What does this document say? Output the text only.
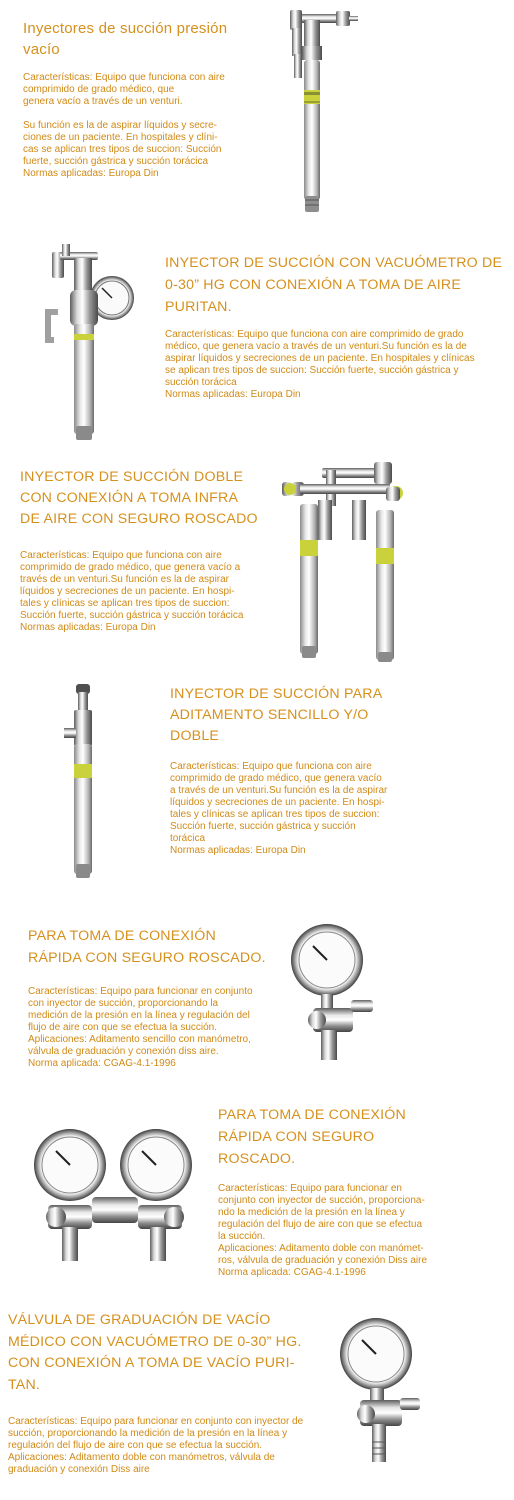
Inyectores de succión presión
vacío

Características: Equipo que funciona con aire
comprimido de grado médico, que
genera vacío a través de un venturi.

Su función es la de aspirar líquidos y secre-
ciones de un paciente. En hospitales y clíni-
cas se aplican tres tipos de succion: Succión
fuerte, succión gástrica y succión torácica
Normas aplicadas: Europa Din

INYECTOR DE SUCCIÓN CON VACUÓMETRO DE
0-30” HG CON CONEXIÓN A TOMA DE AIRE
PURITAN.

Características: Equipo que funciona con aire comprimido de grado
médico, que genera vacío a través de un venturi.Su función es la de
aspirar líquidos y secreciones de un paciente. En hospitales y clínicas
se aplican tres tipos de succion: Succión fuerte, succión gástrica y
succión torácica
Normas aplicadas: Europa Din

INYECTOR DE SUCCIÓN DOBLE
CON CONEXIÓN A TOMA INFRA
DE AIRE CON SEGURO ROSCADO

Características: Equipo que funciona con aire
comprimido de grado médico, que genera vacío a
través de un venturi.Su función es la de aspirar
líquidos y secreciones de un paciente. En hospi-
tales y clínicas se aplican tres tipos de succion:
Succión fuerte, succión gástrica y succión torácica
Normas aplicadas: Europa Din

INYECTOR DE SUCCIÓN PARA
ADITAMENTO SENCILLO Y/O
DOBLE

Características: Equipo que funciona con aire
comprimido de grado médico, que genera vacío
a través de un venturi.Su función es la de aspirar
líquidos y secreciones de un paciente. En hospi-
tales y clínicas se aplican tres tipos de succion:
Succión fuerte, succión gástrica y succión
torácica
Normas aplicadas: Europa Din

PARA TOMA DE CONEXIÓN
RÁPIDA CON SEGURO ROSCADO.

Características: Equipo para funcionar en conjunto
con inyector de succión, proporcionando la
medición de la presión en la línea y regulación del
flujo de aire con que se efectua la succión.
Aplicaciones: Aditamento sencillo con manómetro,
válvula de graduación y conexión diss aire.
Norma aplicada: CGAG-4.1-1996

PARA TOMA DE CONEXIÓN
RÁPIDA CON SEGURO
ROSCADO.

Características: Equipo para funcionar en
conjunto con inyector de succión, proporciona-
ndo la medición de la presión en la línea y
regulación del flujo de aire con que se efectua
la succión.
Aplicaciones: Aditamento doble con manómet-
ros, válvula de graduación y conexión Diss aire
Norma aplicada: CGAG-4.1-1996

VÁLVULA DE GRADUACIÓN DE VACÍO
MÉDICO CON VACUÓMETRO DE 0-30” HG.
CON CONEXIÓN A TOMA DE VACÍO PURI-
TAN.

Características: Equipo para funcionar en conjunto con inyector de
succión, proporcionando la medición de la presión en la línea y
regulación del flujo de aire con que se efectua la succión.
Aplicaciones: Aditamento doble con manómetros, válvula de
graduación y conexión Diss aire
